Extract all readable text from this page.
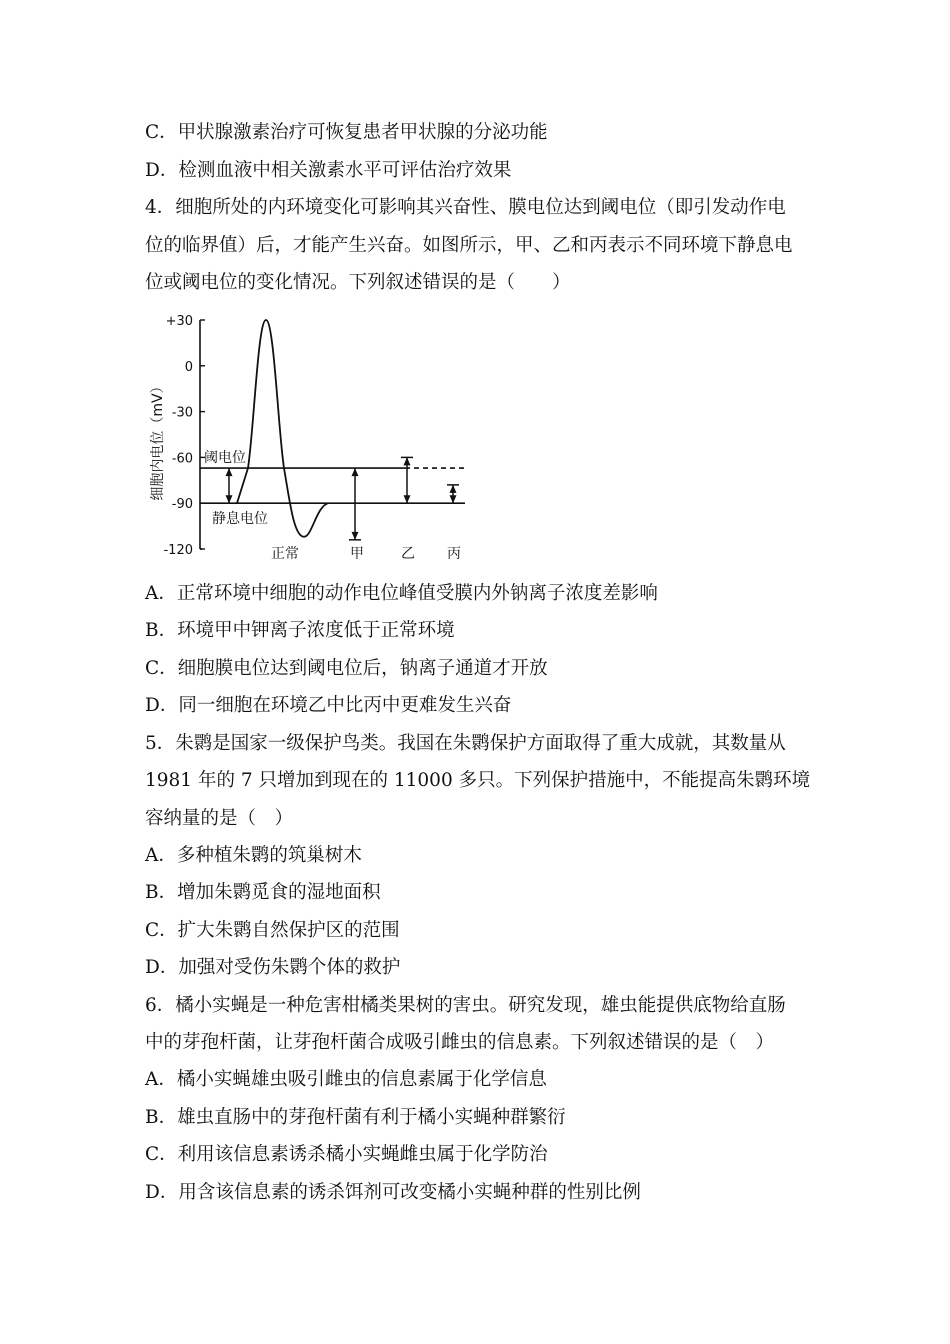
C．甲状腺激素治疗可恢复患者甲状腺的分泌功能
D．检测血液中相关激素水平可评估治疗效果
4．细胞所处的内环境变化可影响其兴奋性、膜电位达到阈电位（即引发动作电
位的临界值）后，才能产生兴奋。如图所示，甲、乙和丙表示不同环境下静息电
位或阈电位的变化情况。下列叙述错误的是（　　）
+30
0
-30
-60
-90
-120
细胞内电位（mV）	阈电位
静息电位
正常	甲	乙 丙
A．正常环境中细胞的动作电位峰值受膜内外钠离子浓度差影响
B．环境甲中钾离子浓度低于正常环境
C．细胞膜电位达到阈电位后，钠离子通道才开放
D．同一细胞在环境乙中比丙中更难发生兴奋
5．朱鹮是国家一级保护鸟类。我国在朱鹮保护方面取得了重大成就，其数量从
1981 年的 7 只增加到现在的 11000 多只。下列保护措施中，不能提高朱鹮环境
容纳量的是（　）
A．多种植朱鹮的筑巢树木
B．增加朱鹮觅食的湿地面积
C．扩大朱鹮自然保护区的范围
D．加强对受伤朱鹮个体的救护
6．橘小实蝇是一种危害柑橘类果树的害虫。研究发现，雄虫能提供底物给直肠
中的芽孢杆菌，让芽孢杆菌合成吸引雌虫的信息素。下列叙述错误的是（　）
A．橘小实蝇雄虫吸引雌虫的信息素属于化学信息
B．雄虫直肠中的芽孢杆菌有利于橘小实蝇种群繁衍
C．利用该信息素诱杀橘小实蝇雌虫属于化学防治
D．用含该信息素的诱杀饵剂可改变橘小实蝇种群的性别比例
